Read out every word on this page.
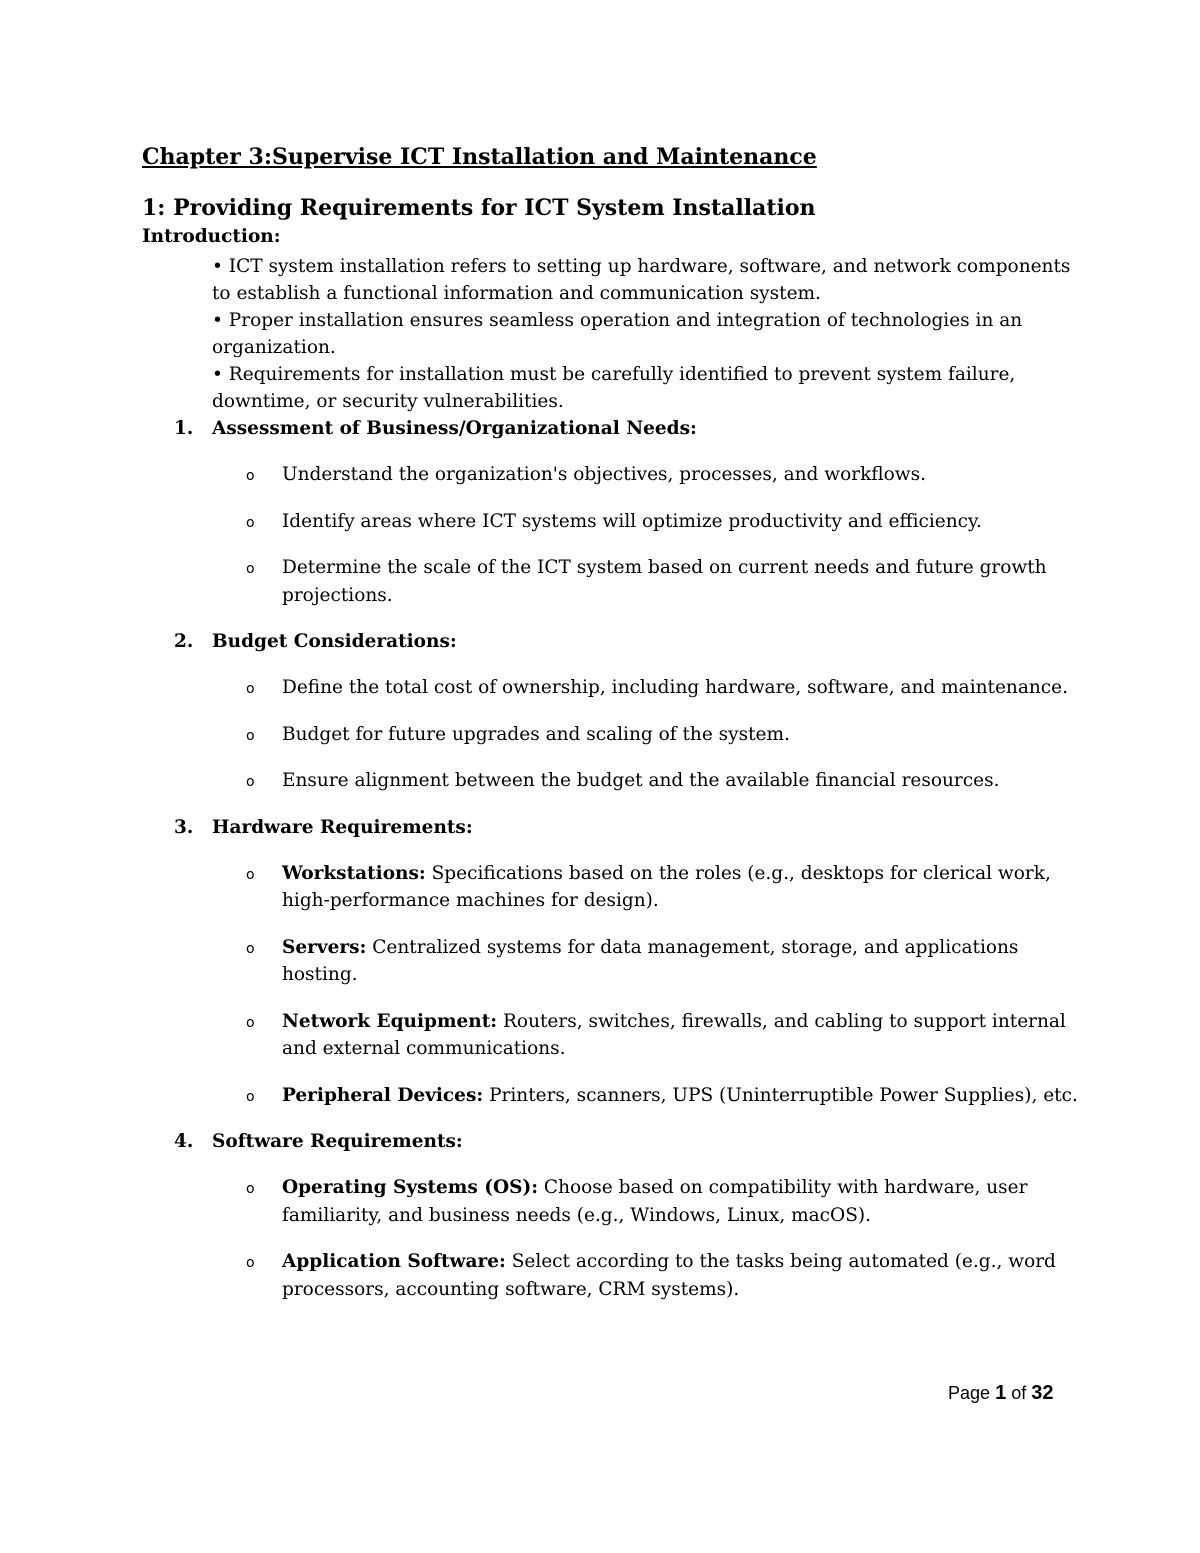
Chapter 3:Supervise ICT Installation and Maintenance
1: Providing Requirements for ICT System Installation
Introduction:
• ICT system installation refers to setting up hardware, software, and network components to establish a functional information and communication system.
• Proper installation ensures seamless operation and integration of technologies in an organization.
• Requirements for installation must be carefully identified to prevent system failure, downtime, or security vulnerabilities.
1. Assessment of Business/Organizational Needs:
o Understand the organization's objectives, processes, and workflows.
o Identify areas where ICT systems will optimize productivity and efficiency.
o Determine the scale of the ICT system based on current needs and future growth projections.
2. Budget Considerations:
o Define the total cost of ownership, including hardware, software, and maintenance.
o Budget for future upgrades and scaling of the system.
o Ensure alignment between the budget and the available financial resources.
3. Hardware Requirements:
o Workstations: Specifications based on the roles (e.g., desktops for clerical work, high-performance machines for design).
o Servers: Centralized systems for data management, storage, and applications hosting.
o Network Equipment: Routers, switches, firewalls, and cabling to support internal and external communications.
o Peripheral Devices: Printers, scanners, UPS (Uninterruptible Power Supplies), etc.
4. Software Requirements:
o Operating Systems (OS): Choose based on compatibility with hardware, user familiarity, and business needs (e.g., Windows, Linux, macOS).
o Application Software: Select according to the tasks being automated (e.g., word processors, accounting software, CRM systems).
Page 1 of 32
